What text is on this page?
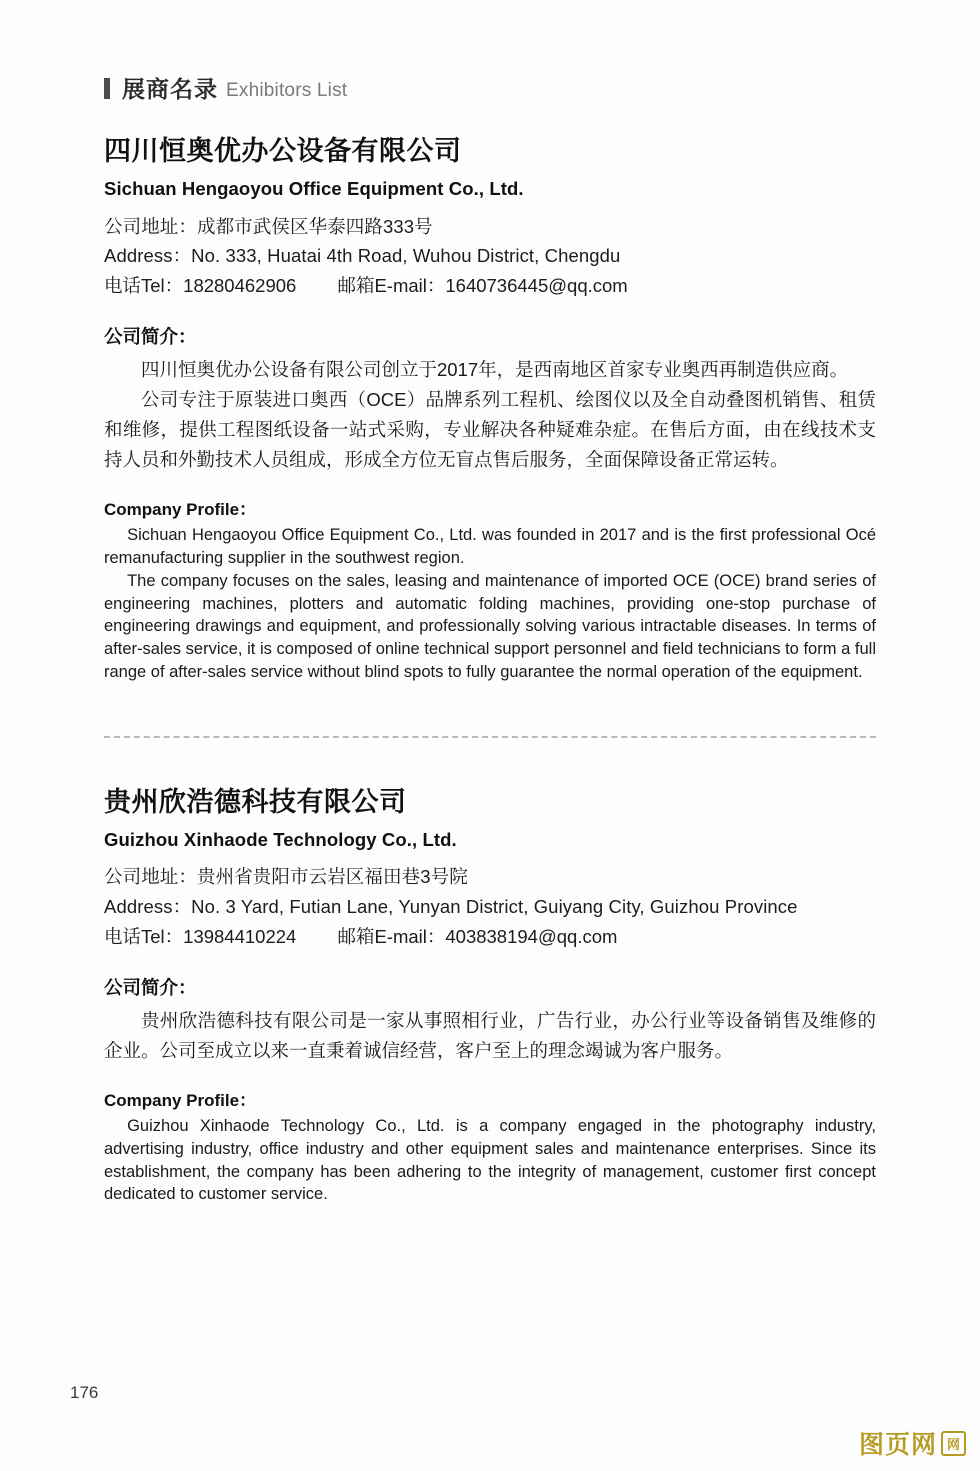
展商名录 Exhibitors List
四川恒奥优办公设备有限公司
Sichuan Hengaoyou Office Equipment Co., Ltd.

公司地址：成都市武侯区华泰四路333号

Address：No. 333, Huatai 4th Road, Wuhou District, Chengdu

电话Tel：18280462906        邮箱E-mail：1640736445@qq.com

公司简介：

四川恒奥优办公设备有限公司创立于2017年，是西南地区首家专业奥西再制造供应商。

公司专注于原装进口奥西（OCE）品牌系列工程机、绘图仪以及全自动叠图机销售、租赁和维修，提供工程图纸设备一站式采购，专业解决各种疑难杂症。在售后方面，由在线技术支持人员和外勤技术人员组成，形成全方位无盲点售后服务，全面保障设备正常运转。

Company Profile：

Sichuan Hengaoyou Office Equipment Co., Ltd. was founded in 2017 and is the first professional Océ remanufacturing supplier in the southwest region.

The company focuses on the sales, leasing and maintenance of imported OCE (OCE) brand series of engineering machines, plotters and automatic folding machines, providing one-stop purchase of engineering drawings and equipment, and professionally solving various intractable diseases. In terms of after-sales service, it is composed of online technical support personnel and field technicians to form a full range of after-sales service without blind spots to fully guarantee the normal operation of the equipment.

贵州欣浩德科技有限公司
Guizhou Xinhaode Technology Co., Ltd.

公司地址：贵州省贵阳市云岩区福田巷3号院

Address：No. 3 Yard, Futian Lane, Yunyan District, Guiyang City, Guizhou Province

电话Tel：13984410224        邮箱E-mail：403838194@qq.com

公司简介：

贵州欣浩德科技有限公司是一家从事照相行业，广告行业，办公行业等设备销售及维修的企业。公司至成立以来一直秉着诚信经营，客户至上的理念竭诚为客户服务。

Company Profile：

Guizhou Xinhaode Technology Co., Ltd. is a company engaged in the photography industry, advertising industry, office industry and other equipment sales and maintenance enterprises. Since its establishment, the company has been adhering to the integrity of management, customer first concept dedicated to customer service.

176
图页网 网
